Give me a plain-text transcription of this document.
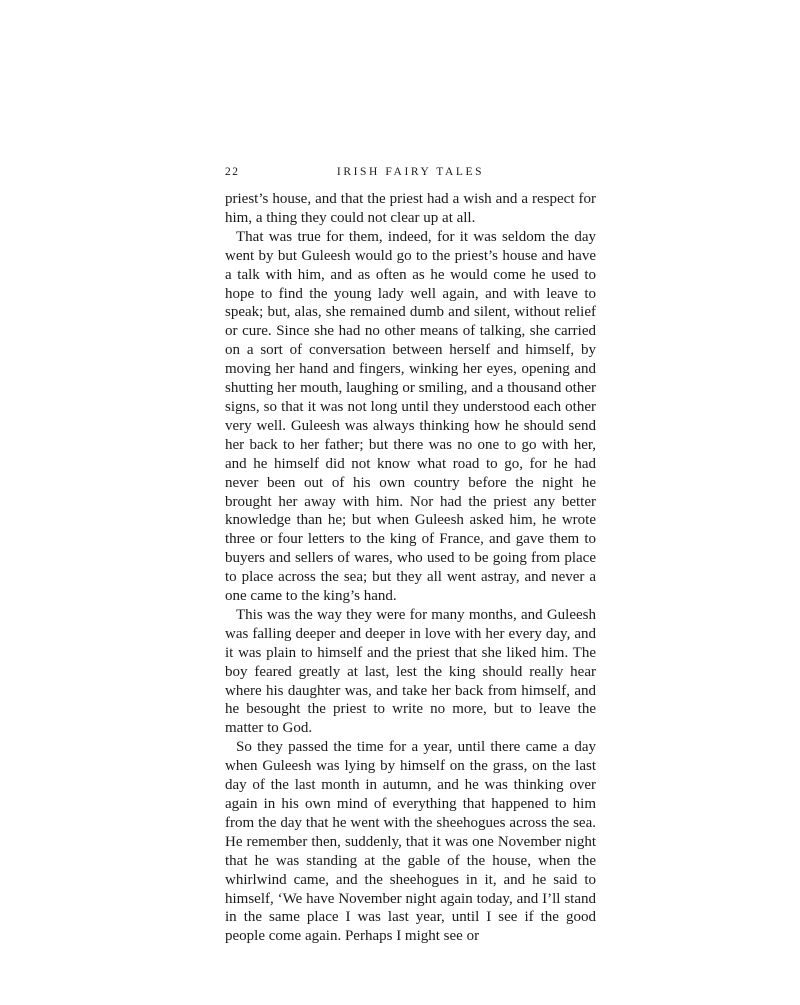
22	IRISH FAIRY TALES

priest’s house, and that the priest had a wish and a respect for him, a thing they could not clear up at all.

That was true for them, indeed, for it was seldom the day went by but Guleesh would go to the priest’s house and have a talk with him, and as often as he would come he used to hope to find the young lady well again, and with leave to speak; but, alas, she remained dumb and silent, without relief or cure. Since she had no other means of talking, she carried on a sort of conversation between herself and himself, by moving her hand and fingers, winking her eyes, opening and shutting her mouth, laughing or smiling, and a thousand other signs, so that it was not long until they understood each other very well. Guleesh was always thinking how he should send her back to her father; but there was no one to go with her, and he himself did not know what road to go, for he had never been out of his own country before the night he brought her away with him. Nor had the priest any better knowledge than he; but when Guleesh asked him, he wrote three or four letters to the king of France, and gave them to buyers and sellers of wares, who used to be going from place to place across the sea; but they all went astray, and never a one came to the king’s hand.

This was the way they were for many months, and Guleesh was falling deeper and deeper in love with her every day, and it was plain to himself and the priest that she liked him. The boy feared greatly at last, lest the king should really hear where his daughter was, and take her back from himself, and he besought the priest to write no more, but to leave the matter to God.

So they passed the time for a year, until there came a day when Guleesh was lying by himself on the grass, on the last day of the last month in autumn, and he was thinking over again in his own mind of everything that happened to him from the day that he went with the sheehogues across the sea. He remember then, suddenly, that it was one November night that he was standing at the gable of the house, when the whirlwind came, and the sheehogues in it, and he said to himself, ‘We have November night again today, and I’ll stand in the same place I was last year, until I see if the good people come again. Perhaps I might see or
